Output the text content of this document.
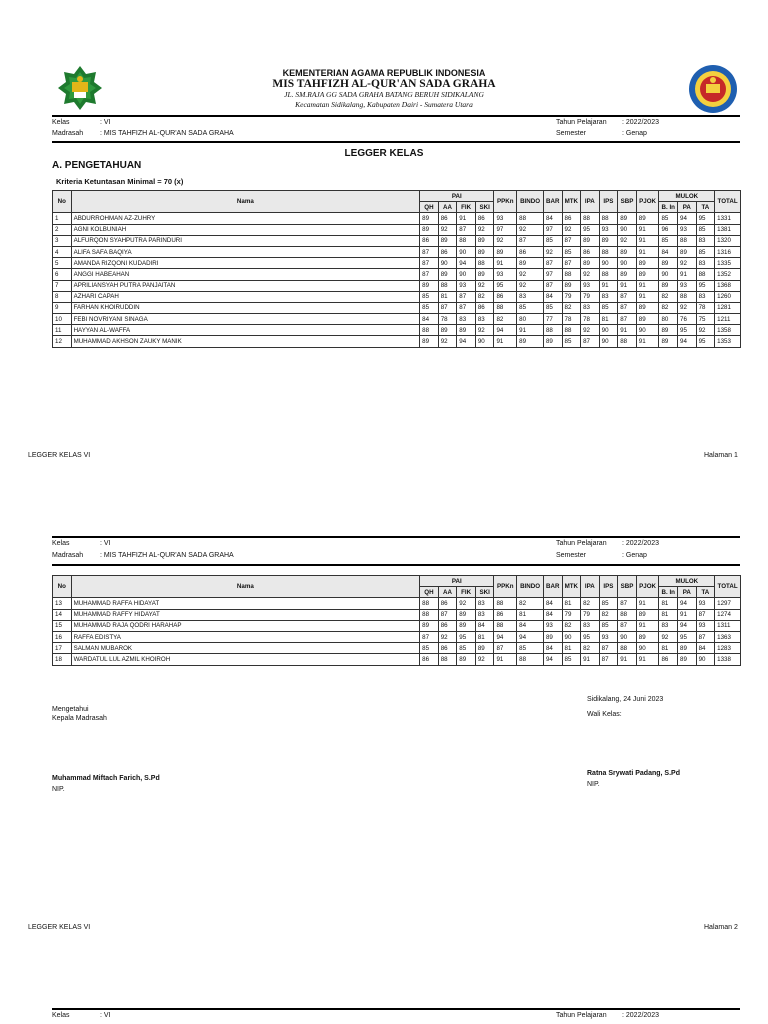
KEMENTERIAN AGAMA REPUBLIK INDONESIA
MIS TAHFIZH AL-QUR'AN SADA GRAHA
JL. SM.RAJA GG SADA GRAHA BATANG BERUH SIDIKALANG
Kecamatan Sidikalang, Kabupaten Dairi - Sumatera Utara
Kelas	: VI
Madrasah : MIS TAHFIZH AL-QUR'AN SADA GRAHA
Tahun Pelajaran : 2022/2023
Semester	: Genap
LEGGER KELAS
A. PENGETAHUAN
Kriteria Ketuntasan Minimal = 70 (x)
No	Nama	PAI				PPKn	BINDO	BAR	MTK	IPA	IPS	SBP	PJOK	MULOK			TOTAL
		QH	AA	FIK	SKI									B. In	PA	TA	
1	ABDURROHMAN AZ-ZUHRY	89	86	91	86	93	88	84	86	88	88	89	89	85	94	95	1331
2	AGNI KOLBUNIAH	89	92	87	92	97	92	97	92	95	93	90	91	96	93	85	1381
3	ALFURQON SYAHPUTRA PARINDURI	86	89	88	89	92	87	85	87	89	89	92	91	85	88	83	1320
4	ALIFA SAFA BAQIYA	87	86	90	89	89	86	92	85	86	88	89	91	84	89	85	1316
5	AMANDA RIZQONI KUDADIRI	87	90	94	88	91	89	87	87	89	90	90	89	89	92	83	1335
6	ANGGI HABEAHAN	87	89	90	89	93	92	97	88	92	88	89	89	90	91	88	1352
7	APRILIANSYAH PUTRA PANJAITAN	89	88	93	92	95	92	87	89	93	91	91	91	89	93	95	1368
8	AZHARI CAPAH	85	81	87	82	86	83	84	79	79	83	87	91	82	88	83	1260
9	FARHAN KHOIRUDDIN	85	87	87	86	88	85	85	82	83	85	87	89	82	92	78	1281
10	FEBI NOVRIYANI SINAGA	84	78	83	83	82	80	77	78	78	81	87	89	80	76	75	1211
11	HAYYAN AL-WAFFA	88	89	89	92	94	91	88	88	92	90	91	90	89	95	92	1358
12	MUHAMMAD AKHSON ZAUKY MANIK	89	92	94	90	91	89	89	85	87	90	88	91	89	94	95	1353
LEGGER KELAS VI	Halaman 1
Kelas	: VI
Madrasah : MIS TAHFIZH AL-QUR'AN SADA GRAHA
Tahun Pelajaran : 2022/2023
Semester	: Genap
No	Nama	PAI				PPKn	BINDO	BAR	MTK	IPA	IPS	SBP	PJOK	MULOK			TOTAL
		QH	AA	FIK	SKI									B. In	PA	TA	
13	MUHAMMAD RAFFA HIDAYAT	88	86	92	83	88	82	84	81	82	85	87	91	81	94	93	1297
14	MUHAMMAD RAFFY HIDAYAT	88	87	89	83	86	81	84	79	79	82	88	89	81	91	87	1274
15	MUHAMMAD RAJA QODRI HARAHAP	89	86	89	84	88	84	93	82	83	85	87	91	83	94	93	1311
16	RAFFA EDISTYA	87	92	95	81	94	94	89	90	95	93	90	89	92	95	87	1363
17	SALMAN MUBAROK	85	86	85	89	87	85	84	81	82	87	88	90	81	89	84	1283
18	WARDATUL LUL AZMIL KHOIROH	86	88	89	92	91	88	94	85	91	87	91	91	86	89	90	1338
Sidikalang, 24 Juni 2023
Mengetahui
Kepala Madrasah
Wali Kelas:
Ratna Srywati Padang, S.Pd
NIP.
Muhammad Miftach Farich, S.Pd
NIP.
LEGGER KELAS VI	Halaman 2
Kelas	: VI	Tahun Pelajaran : 2022/2023
